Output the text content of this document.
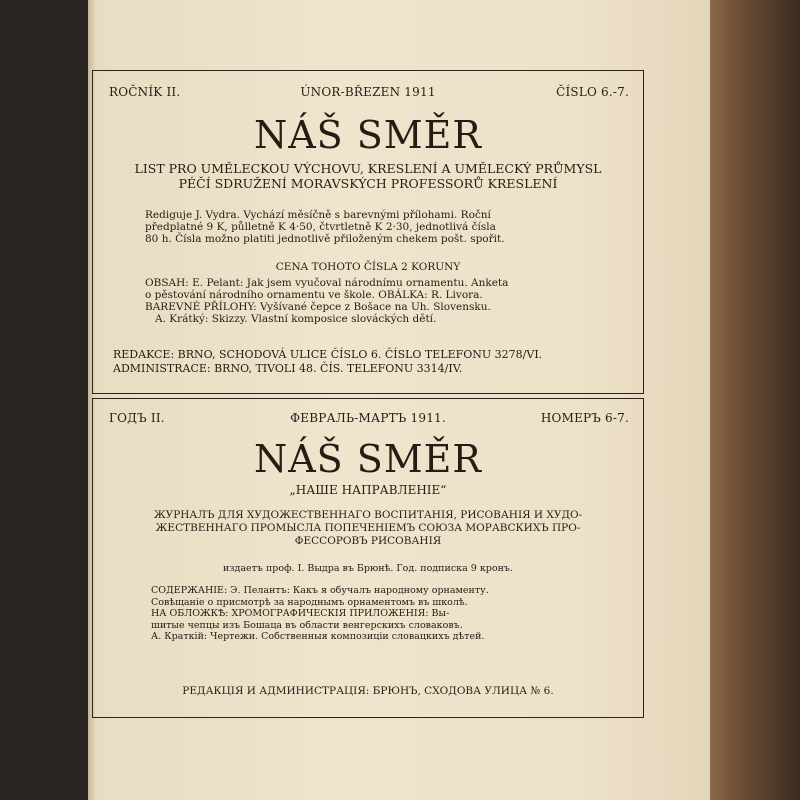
ROČNÍK II.	ÚNOR-BŘEZEN 1911	ČÍSLO 6.-7.
NÁŠ SMĚR
LIST PRO UMĚLECKOU VÝCHOVU, KRESLENÍ A UMĚLECKÝ PRŮMYSL
PÉČÍ SDRUŽENÍ MORAVSKÝCH PROFESSORŮ KRESLENÍ

Rediguje J. Vydra. Vychází měsíčně s barevnými přílohami. Roční

předplatné 9 K, půlletně K 4·50, čtvrtletně K 2·30, jednotlivá čísla

80 h. Čísla možno platiti jednotlivě přiloženým chekem pošt. spořit.

CENA TOHOTO ČÍSLA 2 KORUNY

OBSAH: E. Pelant: Jak jsem vyučoval národnímu ornamentu. Anketa

o pěstování národního ornamentu ve škole. OBÁLKA: R. Livora.

BAREVNÉ PŘÍLOHY: Vyšívané čepce z Bošace na Uh. Slovensku.

A. Krátký: Skizzy. Vlastní komposice slováckých dětí.

REDAKCE: BRNO, SCHODOVÁ ULICE ČÍSLO 6. ČÍSLO TELEFONU 3278/VI.
ADMINISTRACE: BRNO, TIVOLI 48. ČÍS. TELEFONU 3314/IV.
ГОДЪ II.	ФЕВРАЛЬ-МАРТЪ 1911.	НОМЕРЪ 6-7.
NÁŠ SMĚR
„НАШЕ НАПРАВЛЕНІЕ“
ЖУРНАЛЪ ДЛЯ ХУДОЖЕСТВЕННАГО ВОСПИТАНІЯ, РИСОВАНІЯ И ХУДО-
ЖЕСТВЕННАГО ПРОМЫСЛА ПОПЕЧЕНІЕМЪ СОЮЗА МОРАВСКИХЪ ПРО-
ФЕССОРОВЪ РИСОВАНІЯ
издаетъ проф. I. Выдра въ Брюнѣ. Год. подписка 9 кронъ.

СОДЕРЖАНІЕ: Э. Пелантъ: Какъ я обучалъ народному орнаменту.

Совѣщаніе о присмотрѣ за народнымъ орнаментомъ въ школѣ.

НА ОБЛОЖКѢ: ХРОМОГРАФИЧЕСКІЯ ПРИЛОЖЕНІЯ: Вы-

шитые чепцы изъ Бошаца въ области венгерскихъ словаковъ.

А. Краткій: Чертежи. Собственныя композиціи словацкихъ дѣтей.

РЕДАКЦІЯ И АДМИНИСТРАЦІЯ: БРЮНЪ, СХОДОВА УЛИЦА № 6.
